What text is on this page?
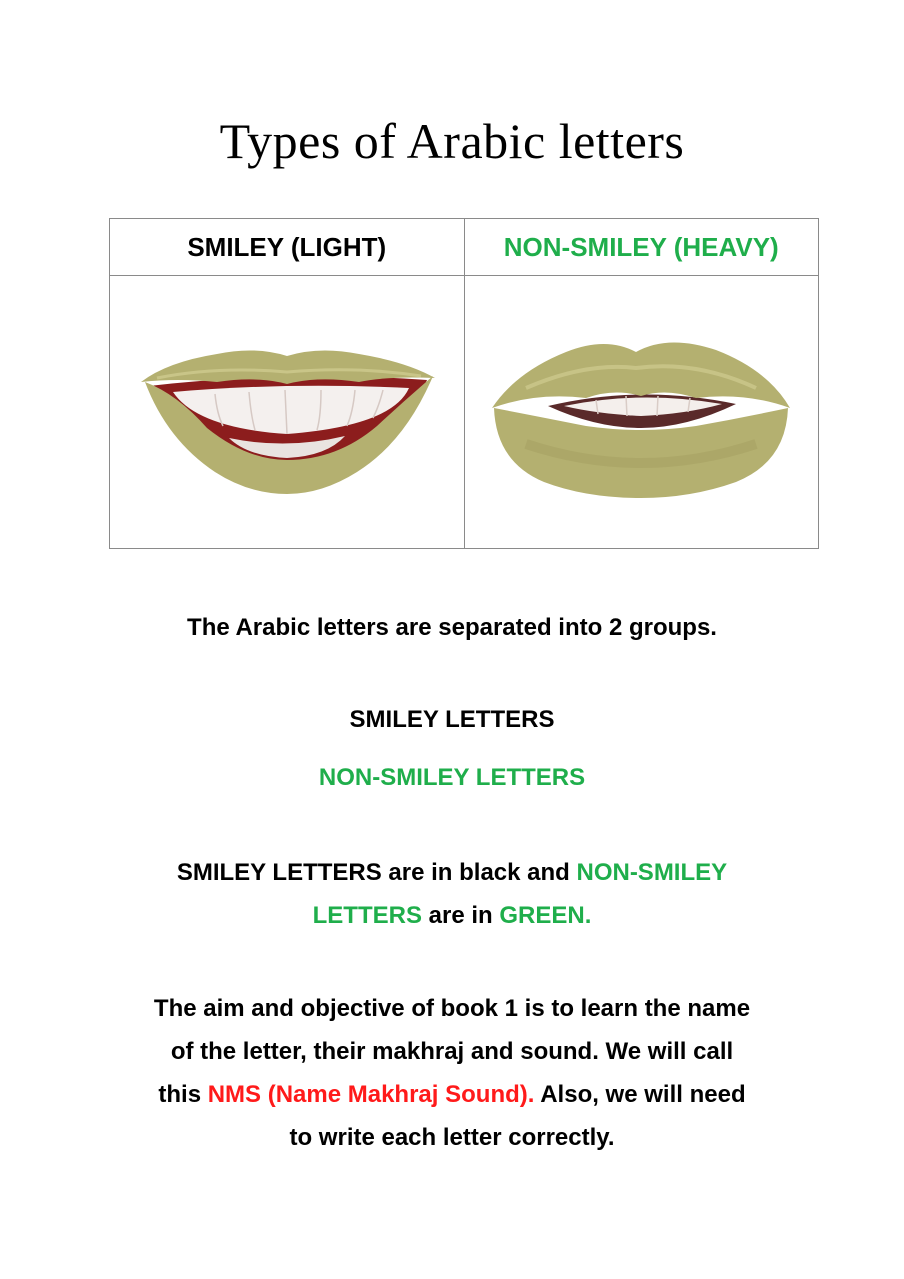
Types of Arabic letters
SMILEY (LIGHT)	NON-SMILEY (HEAVY)

The Arabic letters are separated into 2 groups.

SMILEY LETTERS

NON-SMILEY LETTERS

SMILEY LETTERS are in black and NON-SMILEY
LETTERS are in GREEN.
The aim and objective of book 1 is to learn the name
of the letter, their makhraj and sound. We will call
this NMS (Name Makhraj Sound). Also, we will need
to write each letter correctly.
